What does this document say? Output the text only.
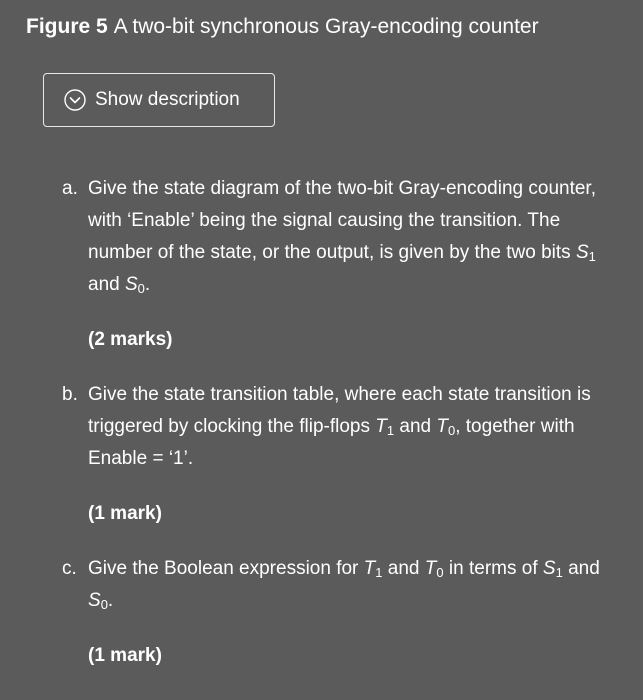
Figure 5 A two-bit synchronous Gray-encoding counter
Show description
a. Give the state diagram of the two-bit Gray-encoding counter, with ‘Enable’ being the signal causing the transition. The number of the state, or the output, is given by the two bits $S_1$ and $S_0$.
(2 marks)
b. Give the state transition table, where each state transition is triggered by clocking the flip-flops $T_1$ and $T_0$, together with Enable = ‘1’.
(1 mark)
c. Give the Boolean expression for $T_1$ and $T_0$ in terms of $S_1$ and $S_0$.
(1 mark)
